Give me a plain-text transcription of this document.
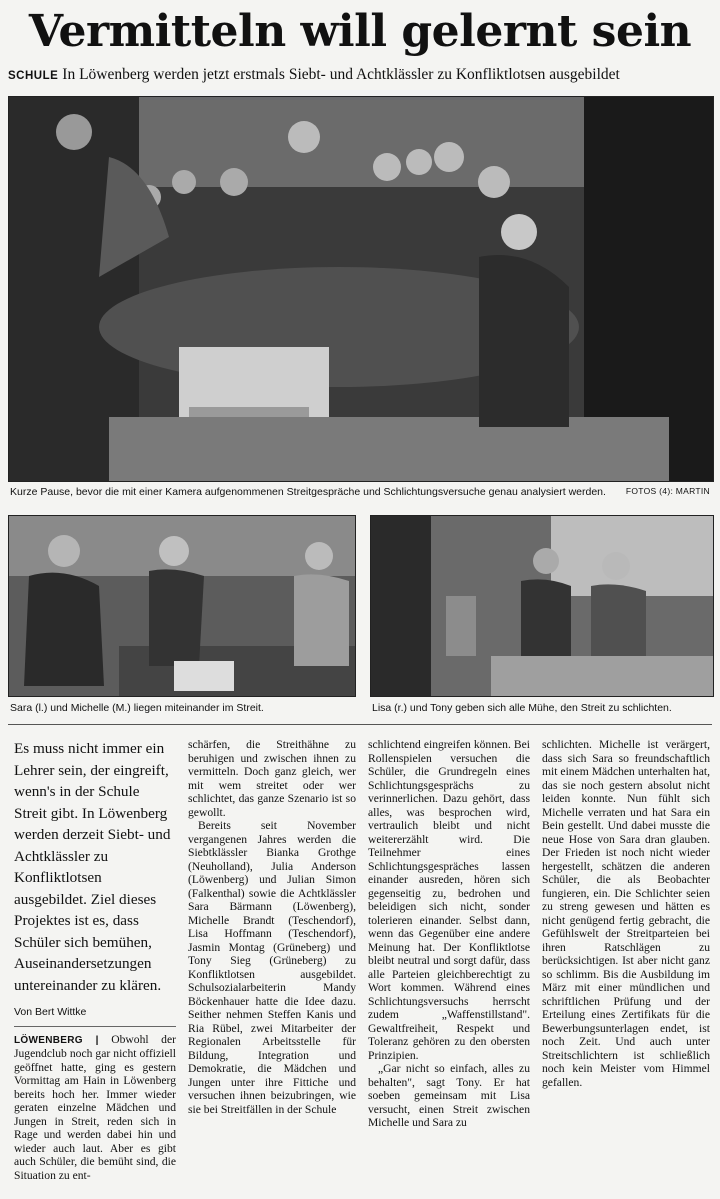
Vermitteln will gelernt sein
SCHULE In Löwenberg werden jetzt erstmals Siebt- und Achtklässler zu Konfliktlotsen ausgebildet
Kurze Pause, bevor die mit einer Kamera aufgenommenen Streitgespräche und Schlichtungsversuche genau analysiert werden. FOTOS (4): MARTIN
Sara (l.) und Michelle (M.) liegen miteinander im Streit.	Lisa (r.) und Tony geben sich alle Mühe, den Streit zu schlichten.
Es muss nicht immer ein Lehrer sein, der eingreift, wenn's in der Schule Streit gibt. In Löwenberg werden derzeit Siebt- und Achtklässler zu Konfliktlotsen ausgebildet. Ziel dieses Projektes ist es, dass Schüler sich bemühen, Auseinandersetzungen untereinander zu klären.
Von Bert Wittke

LÖWENBERG | Obwohl der Jugendclub noch gar nicht offiziell geöffnet hatte, ging es gestern Vormittag am Hain in Löwenberg bereits hoch her. Immer wieder geraten einzelne Mädchen und Jungen in Streit, reden sich in Rage und werden dabei hin und wieder auch laut. Aber es gibt auch Schüler, die bemüht sind, die Situation zu ent-

schärfen, die Streithähne zu beruhigen und zwischen ihnen zu vermitteln. Doch ganz gleich, wer mit wem streitet oder wer schlichtet, das ganze Szenario ist so gewollt.

Bereits seit November vergangenen Jahres werden die Siebtklässler Bianka Grothge (Neuholland), Julia Anderson (Löwenberg) und Julian Simon (Falkenthal) sowie die Achtklässler Sara Bärmann (Löwenberg), Michelle Brandt (Teschendorf), Lisa Hoffmann (Teschendorf), Jasmin Montag (Grüneberg) und Tony Sieg (Grüneberg) zu Konfliktlotsen ausgebildet. Schulsozialarbeiterin Mandy Böckenhauer hatte die Idee dazu. Seither nehmen Steffen Kanis und Ria Rübel, zwei Mitarbeiter der Regionalen Arbeitsstelle für Bildung, Integration und Demokratie, die Mädchen und Jungen unter ihre Fittiche und versuchen ihnen beizubringen, wie sie bei Streitfällen in der Schule

schlichtend eingreifen können. Bei Rollenspielen versuchen die Schüler, die Grundregeln eines Schlichtungsgesprächs zu verinnerlichen. Dazu gehört, dass alles, was besprochen wird, vertraulich bleibt und nicht weitererzählt wird. Die Teilnehmer eines Schlichtungsgespräches lassen einander ausreden, hören sich gegenseitig zu, bedrohen und beleidigen sich nicht, sonder tolerieren einander. Selbst dann, wenn das Gegenüber eine andere Meinung hat. Der Konfliktlotse bleibt neutral und sorgt dafür, dass alle Parteien gleichberechtigt zu Wort kommen. Während eines Schlichtungsversuchs herrscht zudem „Waffenstillstand". Gewaltfreiheit, Respekt und Toleranz gehören zu den obersten Prinzipien.

„Gar nicht so einfach, alles zu behalten", sagt Tony. Er hat soeben gemeinsam mit Lisa versucht, einen Streit zwischen Michelle und Sara zu

schlichten. Michelle ist verärgert, dass sich Sara so freundschaftlich mit einem Mädchen unterhalten hat, das sie noch gestern absolut nicht leiden konnte. Nun fühlt sich Michelle verraten und hat Sara ein Bein gestellt. Und dabei musste die neue Hose von Sara dran glauben. Der Frieden ist noch nicht wieder hergestellt, schätzen die anderen Schüler, die als Beobachter fungieren, ein. Die Schlichter seien zu streng gewesen und hätten es nicht genügend fertig gebracht, die Gefühlswelt der Streitparteien bei ihren Ratschlägen zu berücksichtigen. Ist aber nicht ganz so schlimm. Bis die Ausbildung im März mit einer mündlichen und schriftlichen Prüfung und der Erteilung eines Zertifikats für die Bewerbungsunterlagen endet, ist noch Zeit. Und auch unter Streitschlichtern ist schließlich noch kein Meister vom Himmel gefallen.
